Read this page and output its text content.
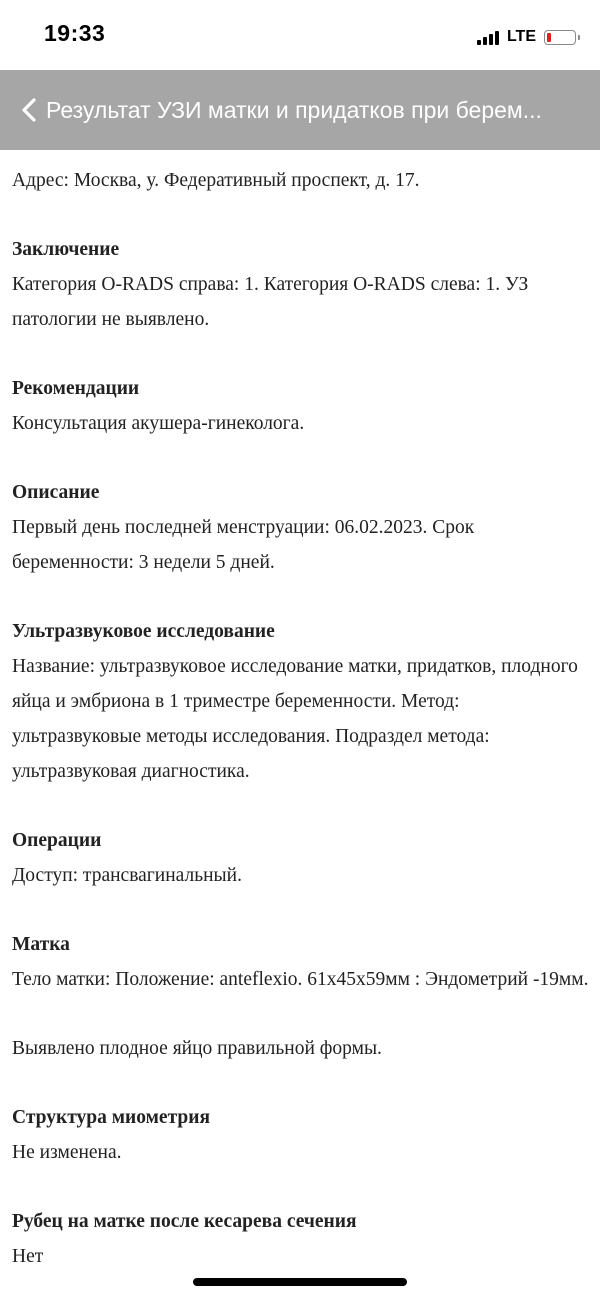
19:33	LTE
Результат УЗИ матки и придатков при берем...
Адрес: Москва, у. Федеративный проспект, д. 17.
Заключение
Категория O-RADS справа: 1. Категория O-RADS слева: 1. УЗ патологии не выявлено.
Рекомендации
Консультация акушера-гинеколога.
Описание
Первый день последней менструации: 06.02.2023. Срок беременности: 3 недели 5 дней.
Ультразвуковое исследование
Название: ультразвуковое исследование матки, придатков, плодного яйца и эмбриона в 1 триместре беременности. Метод: ультразвуковые методы исследования. Подраздел метода: ультразвуковая диагностика.
Операции
Доступ: трансвагинальный.
Матка
Тело матки: Положение: anteflexio. 61x45x59мм : Эндометрий -19мм.
Выявлено плодное яйцо правильной формы.
Структура миометрия
Не изменена.
Рубец на матке после кесарева сечения
Нет
